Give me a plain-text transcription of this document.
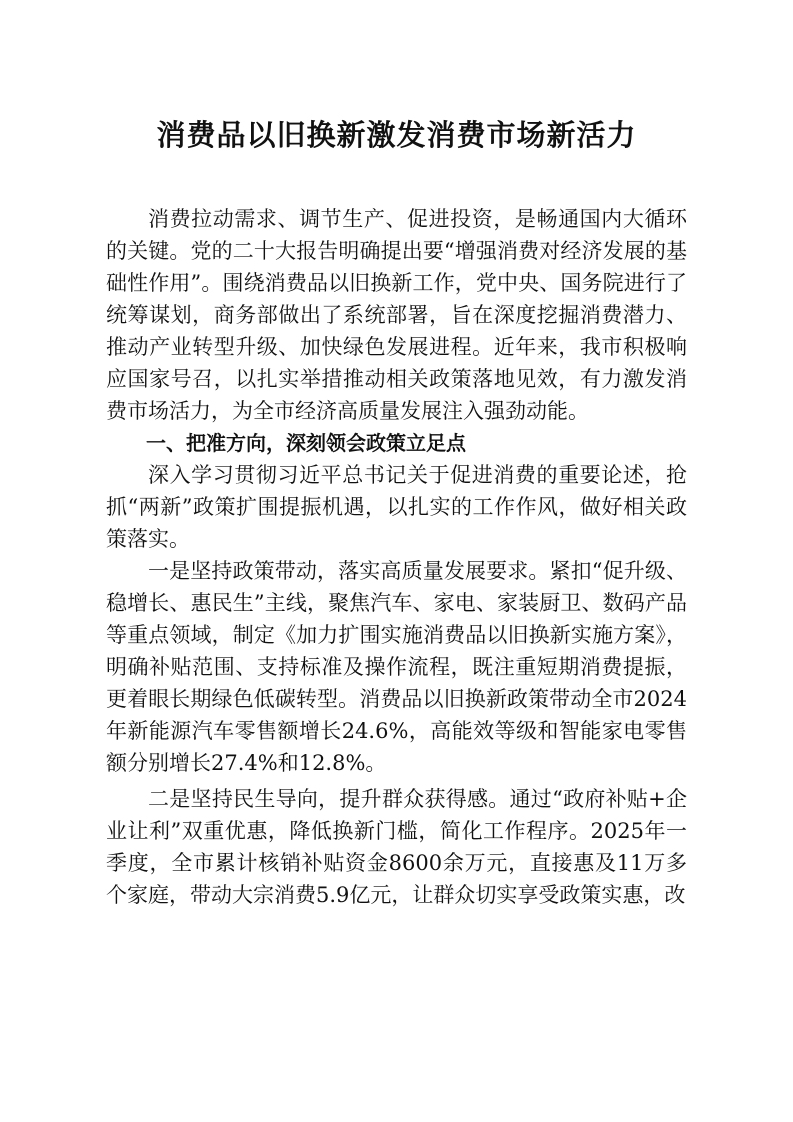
消费品以旧换新激发消费市场新活力

消费拉动需求、调节生产、促进投资，是畅通国内大循环的关键。党的二十大报告明确提出要“增强消费对经济发展的基础性作用”。围绕消费品以旧换新工作，党中央、国务院进行了统筹谋划，商务部做出了系统部署，旨在深度挖掘消费潜力、推动产业转型升级、加快绿色发展进程。近年来，我市积极响应国家号召，以扎实举措推动相关政策落地见效，有力激发消费市场活力，为全市经济高质量发展注入强劲动能。

一、把准方向，深刻领会政策立足点

深入学习贯彻习近平总书记关于促进消费的重要论述，抢抓“两新”政策扩围提振机遇，以扎实的工作作风，做好相关政策落实。

一是坚持政策带动，落实高质量发展要求。紧扣“促升级、稳增长、惠民生”主线，聚焦汽车、家电、家装厨卫、数码产品等重点领域，制定《加力扩围实施消费品以旧换新实施方案》，明确补贴范围、支持标准及操作流程，既注重短期消费提振，更着眼长期绿色低碳转型。消费品以旧换新政策带动全市2024年新能源汽车零售额增长24.6%，高能效等级和智能家电零售额分别增长27.4%和12.8%。

二是坚持民生导向，提升群众获得感。通过“政府补贴+企业让利”双重优惠，降低换新门槛，简化工作程序。2025年一季度，全市累计核销补贴资金8600余万元，直接惠及11万多个家庭，带动大宗消费5.9亿元，让群众切实享受政策实惠，改
